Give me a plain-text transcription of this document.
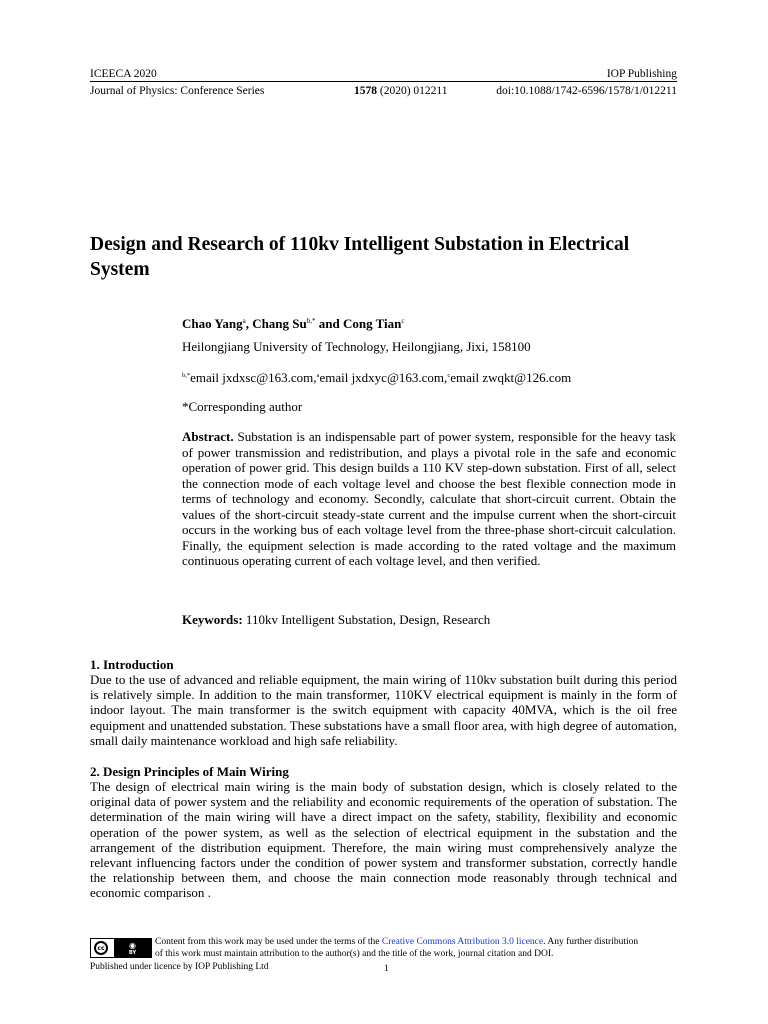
ICEECA 2020	IOP Publishing
Journal of Physics: Conference Series	1578 (2020) 012211	doi:10.1088/1742-6596/1578/1/012211
Design and Research of 110kv Intelligent Substation in Electrical System
Chao Yang$^a$, Chang $Su^{b,*}$ and Cong Tian$^c$
Heilongjiang University of Technology, Heilongjiang, Jixi, 158100
$^{b,*}$email jxdxsc@163.com,$^a$email jxdxyc@163.com,$^c$email zwqkt@126.com
*Corresponding author
Abstract. Substation is an indispensable part of power system, responsible for the heavy task of power transmission and redistribution, and plays a pivotal role in the safe and economic operation of power grid. This design builds a 110 KV step-down substation. First of all, select the connection mode of each voltage level and choose the best flexible connection mode in terms of technology and economy. Secondly, calculate that short-circuit current. Obtain the values of the short-circuit steady-state current and the impulse current when the short-circuit occurs in the working bus of each voltage level from the three-phase short-circuit calculation. Finally, the equipment selection is made according to the rated voltage and the maximum continuous operating current of each voltage level, and then verified.
Keywords: 110kv Intelligent Substation, Design, Research
1. Introduction
Due to the use of advanced and reliable equipment, the main wiring of 110kv substation built during this period is relatively simple. In addition to the main transformer, 110KV electrical equipment is mainly in the form of indoor layout. The main transformer is the switch equipment with capacity 40MVA, which is the oil free equipment and unattended substation. These substations have a small floor area, with high degree of automation, small daily maintenance workload and high safe reliability.
2. Design Principles of Main Wiring
The design of electrical main wiring is the main body of substation design, which is closely related to the original data of power system and the reliability and economic requirements of the operation of substation. The determination of the main wiring will have a direct impact on the safety, stability, flexibility and economic operation of the power system, as well as the selection of electrical equipment in the substation and the arrangement of the distribution equipment. Therefore, the main wiring must comprehensively analyze the relevant influencing factors under the condition of power system and transformer substation, correctly handle the relationship between them, and choose the main connection mode reasonably through technical and economic comparison .
cc	◉
BY
Content from this work may be used under the terms of the Creative Commons Attribution 3.0 licence. Any further distribution
of this work must maintain attribution to the author(s) and the title of the work, journal citation and DOI.
Published under licence by IOP Publishing Ltd	1
